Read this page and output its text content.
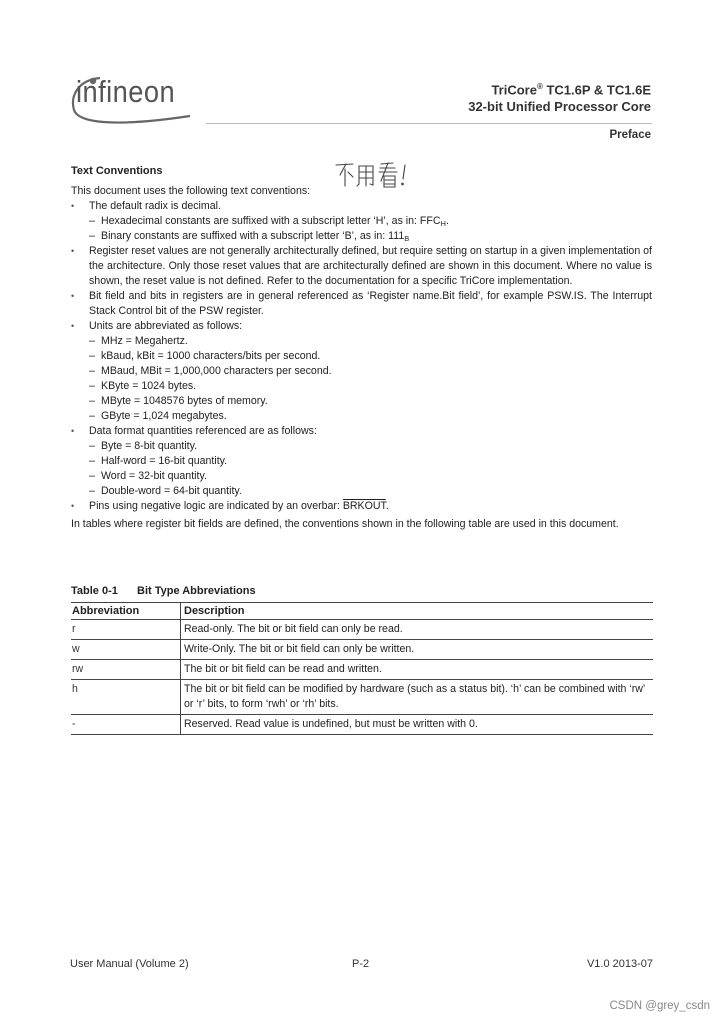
infineon	TriCore® TC1.6P & TC1.6E
32-bit Unified Processor Core
Preface
Text Conventions

This document uses the following text conventions:

• The default radix is decimal.
– Hexadecimal constants are suffixed with a subscript letter ‘H’, as in: $FFC_H$.
– Binary constants are suffixed with a subscript letter ‘B’, as in: $111_B$
• Register reset values are not generally architecturally defined, but require setting on startup in a given implementation of the architecture. Only those reset values that are architecturally defined are shown in this document. Where no value is shown, the reset value is not defined. Refer to the documentation for a specific TriCore implementation.
• Bit field and bits in registers are in general referenced as ‘Register name.Bit field’, for example PSW.IS. The Interrupt Stack Control bit of the PSW register.
• Units are abbreviated as follows:
– MHz = Megahertz.
– kBaud, kBit = 1000 characters/bits per second.
– MBaud, MBit = 1,000,000 characters per second.
– KByte = 1024 bytes.
– MByte = 1048576 bytes of memory.
– GByte = 1,024 megabytes.
• Data format quantities referenced are as follows:
– Byte = 8-bit quantity.
– Half-word = 16-bit quantity.
– Word = 32-bit quantity.
– Double-word = 64-bit quantity.
• Pins using negative logic are indicated by an overbar: BRKOUT.

In tables where register bit fields are defined, the conventions shown in the following table are used in this document.

Table 0-1 Bit Type Abbreviations
Abbreviation	Description
r	Read-only. The bit or bit field can only be read.
w	Write-Only. The bit or bit field can only be written.
rw	The bit or bit field can be read and written.
h	The bit or bit field can be modified by hardware (such as a status bit). ‘h’ can be combined with ‘rw’ or ‘r’ bits, to form ‘rwh’ or ‘rh’ bits.
-	Reserved. Read value is undefined, but must be written with 0.
User Manual (Volume 2)	P-2	V1.0 2013-07
CSDN @grey_csdn
